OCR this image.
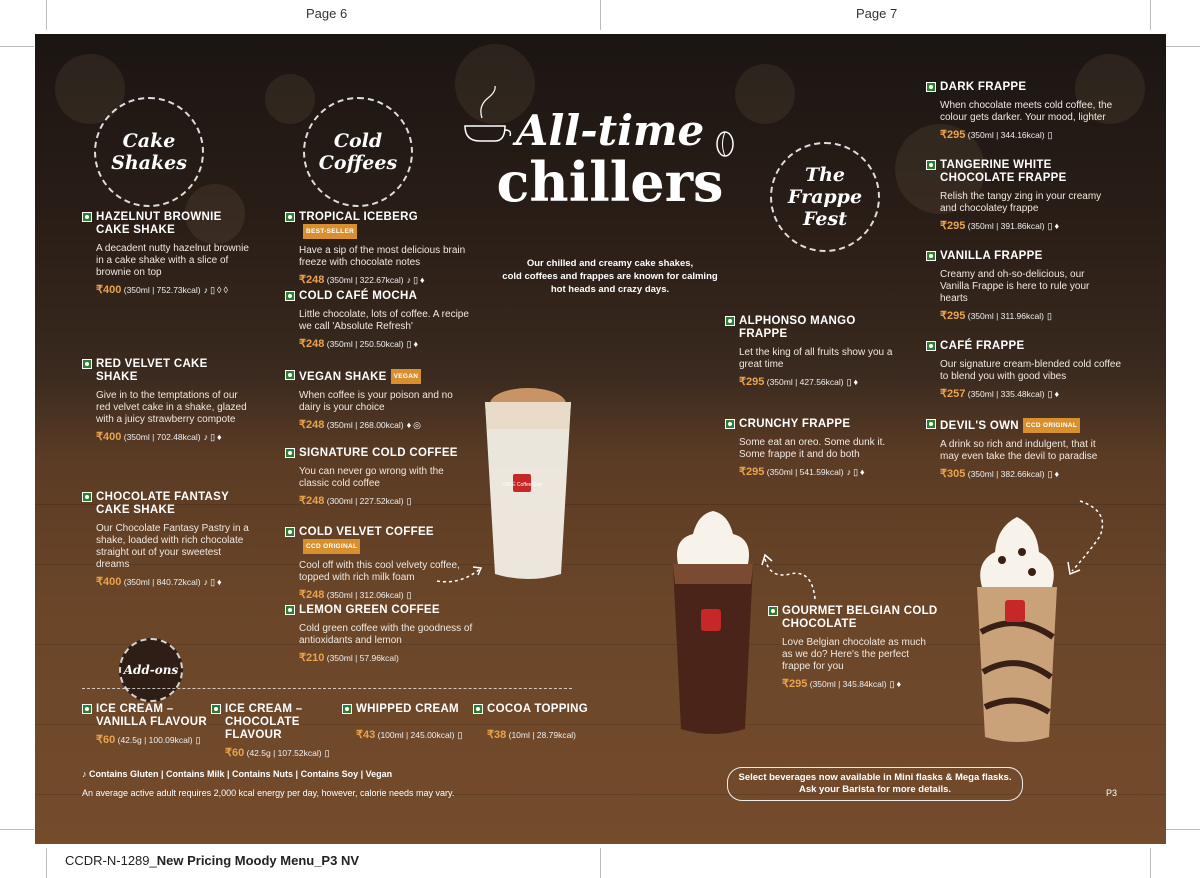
Page 6	Page 7
Cake Shakes
Cold Coffees
The Frappe Fest
All-time
chillers
Our chilled and creamy cake shakes,
cold coffees and frappes are known for calming
hot heads and crazy days.
HAZELNUT BROWNIE CAKE SHAKE
A decadent nutty hazelnut brownie in a cake shake with a slice of brownie on top
₹400 (350ml | 752.73kcal) ♪▯◊◊
RED VELVET CAKE SHAKE
Give in to the temptations of our red velvet cake in a shake, glazed with a juicy strawberry compote
₹400 (350ml | 702.48kcal) ♪▯♦
CHOCOLATE FANTASY CAKE SHAKE
Our Chocolate Fantasy Pastry in a shake, loaded with rich chocolate straight out of your sweetest dreams
₹400 (350ml | 840.72kcal) ♪▯♦
TROPICAL ICEBERGBEST-SELLER
Have a sip of the most delicious brain freeze with chocolate notes
₹248 (350ml | 322.67kcal) ♪▯♦
COLD CAFÉ MOCHA
Little chocolate, lots of coffee. A recipe we call 'Absolute Refresh'
₹248 (350ml | 250.50kcal) ▯♦
VEGAN SHAKE VEGAN
When coffee is your poison and no dairy is your choice
₹248 (350ml | 268.00kcal) ♦◎
SIGNATURE COLD COFFEE
You can never go wrong with the classic cold coffee
₹248 (300ml | 227.52kcal) ▯
COLD VELVET COFFEECCD ORIGINAL
Cool off with this cool velvety coffee, topped with rich milk foam
₹248 (350ml | 312.06kcal) ▯
LEMON GREEN COFFEE
Cold green coffee with the goodness of antioxidants and lemon
₹210 (350ml | 57.96kcal)
CAFÉ Coffee Day
ALPHONSO MANGO FRAPPE
Let the king of all fruits show you a great time
₹295 (350ml | 427.56kcal) ▯♦
CRUNCHY FRAPPE
Some eat an oreo. Some dunk it. Some frappe it and do both
₹295 (350ml | 541.59kcal) ♪▯♦
GOURMET BELGIAN COLD CHOCOLATE
Love Belgian chocolate as much as we do? Here's the perfect frappe for you
₹295 (350ml | 345.84kcal) ▯♦
DARK FRAPPE
When chocolate meets cold coffee, the colour gets darker. Your mood, lighter
₹295 (350ml | 344.16kcal) ▯
TANGERINE WHITE CHOCOLATE FRAPPE
Relish the tangy zing in your creamy and chocolatey frappe
₹295 (350ml | 391.86kcal) ▯♦
VANILLA FRAPPE
Creamy and oh-so-delicious, our Vanilla Frappe is here to rule your hearts
₹295 (350ml | 311.96kcal) ▯
CAFÉ FRAPPE
Our signature cream-blended cold coffee to blend you with good vibes
₹257 (350ml | 335.48kcal) ▯♦
DEVIL'S OWN CCD ORIGINAL
A drink so rich and indulgent, that it may even take the devil to paradise
₹305 (350ml | 382.66kcal) ▯♦
Add-ons
ICE CREAM – VANILLA FLAVOUR
₹60 (42.5g | 100.09kcal) ▯
ICE CREAM – CHOCOLATE FLAVOUR
₹60 (42.5g | 107.52kcal) ▯
WHIPPED CREAM
₹43 (100ml | 245.00kcal) ▯
COCOA TOPPING
₹38 (10ml | 28.79kcal)
♪ Contains Gluten | Contains Milk | Contains Nuts | Contains Soy | Vegan
An average active adult requires 2,000 kcal energy per day, however, calorie needs may vary.
Select beverages now available in Mini flasks & Mega flasks.
Ask your Barista for more details.	P3
CCDR-N-1289_New Pricing Moody Menu_P3 NV
